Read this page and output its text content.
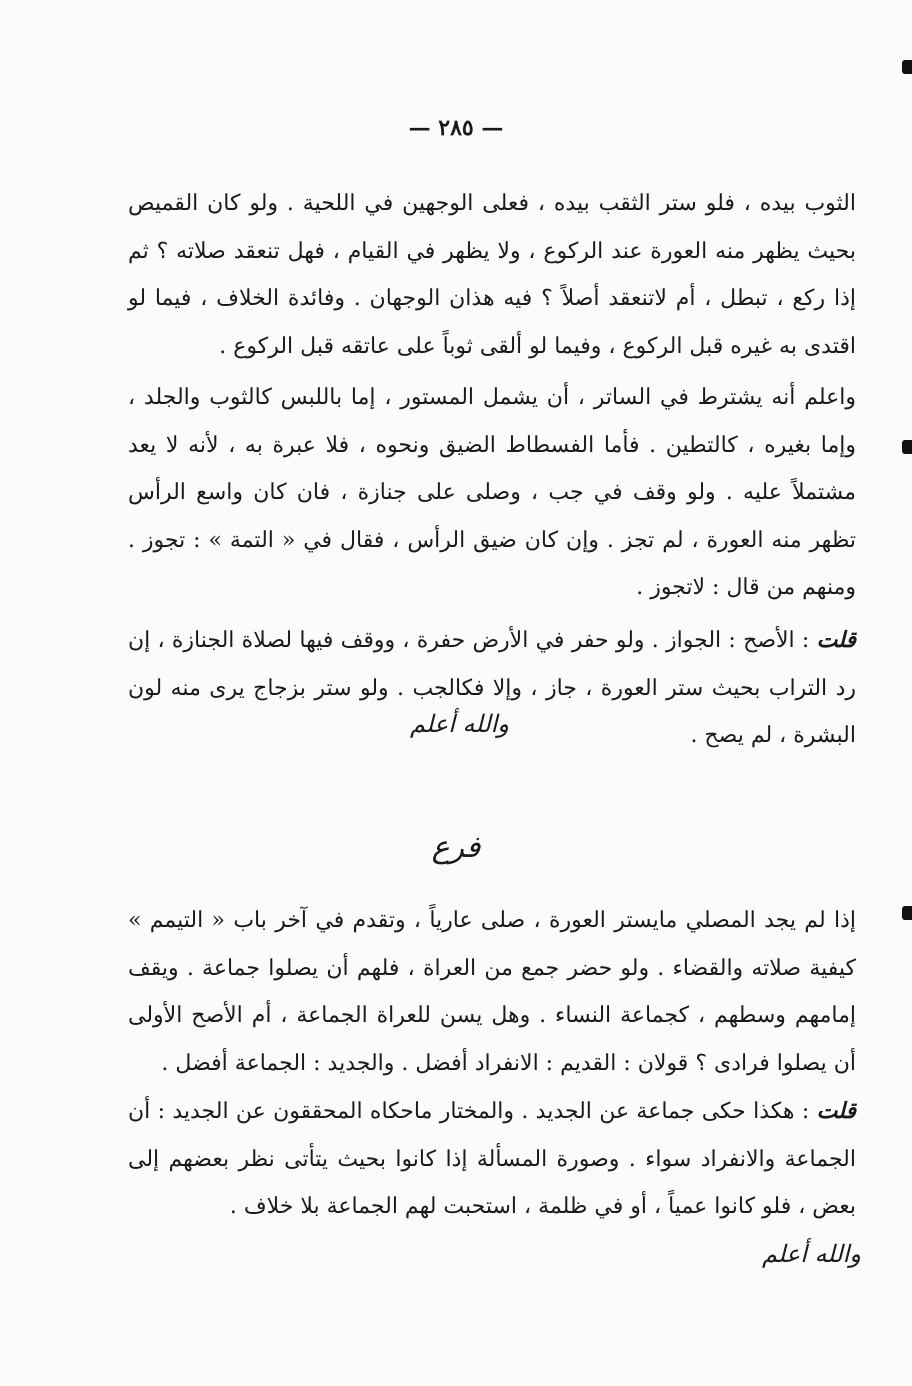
— ٢٨٥ —

الثوب بيده ، فلو ستر الثقب بيده ، فعلى الوجهين في اللحية . ولو كان القميص بحيث يظهر منه العورة عند الركوع ، ولا يظهر في القيام ، فهل تنعقد صلاته ؟ ثم إذا ركع ، تبطل ، أم لاتنعقد أصلاً ؟ فيه هذان الوجهان . وفائدة الخلاف ، فيما لو اقتدى به غيره قبل الركوع ، وفيما لو ألقى ثوباً على عاتقه قبل الركوع .

واعلم أنه يشترط في الساتر ، أن يشمل المستور ، إما باللبس كالثوب والجلد ، وإما بغيره ، كالتطين . فأما الفسطاط الضيق ونحوه ، فلا عبرة به ، لأنه لا يعد مشتملاً عليه . ولو وقف في جب ، وصلى على جنازة ، فان كان واسع الرأس تظهر منه العورة ، لم تجز . وإن كان ضيق الرأس ، فقال في « التمة » : تجوز . ومنهم من قال : لاتجوز .

قلت : الأصح : الجواز . ولو حفر في الأرض حفرة ، ووقف فيها لصلاة الجنازة ، إن رد التراب بحيث ستر العورة ، جاز ، وإلا فكالجب . ولو ستر بزجاج يرى منه لون البشرة ، لم يصح .

والله أعلم
فرع

إذا لم يجد المصلي مايستر العورة ، صلى عارياً ، وتقدم في آخر باب « التيمم » كيفية صلاته والقضاء . ولو حضر جمع من العراة ، فلهم أن يصلوا جماعة . ويقف إمامهم وسطهم ، كجماعة النساء . وهل يسن للعراة الجماعة ، أم الأصح الأولى أن يصلوا فرادى ؟ قولان : القديم : الانفراد أفضل . والجديد : الجماعة أفضل .

قلت : هكذا حكى جماعة عن الجديد . والمختار ماحكاه المحققون عن الجديد : أن الجماعة والانفراد سواء . وصورة المسألة إذا كانوا بحيث يتأتى نظر بعضهم إلى بعض ، فلو كانوا عمياً ، أو في ظلمة ، استحبت لهم الجماعة بلا خلاف .

والله أعلم
